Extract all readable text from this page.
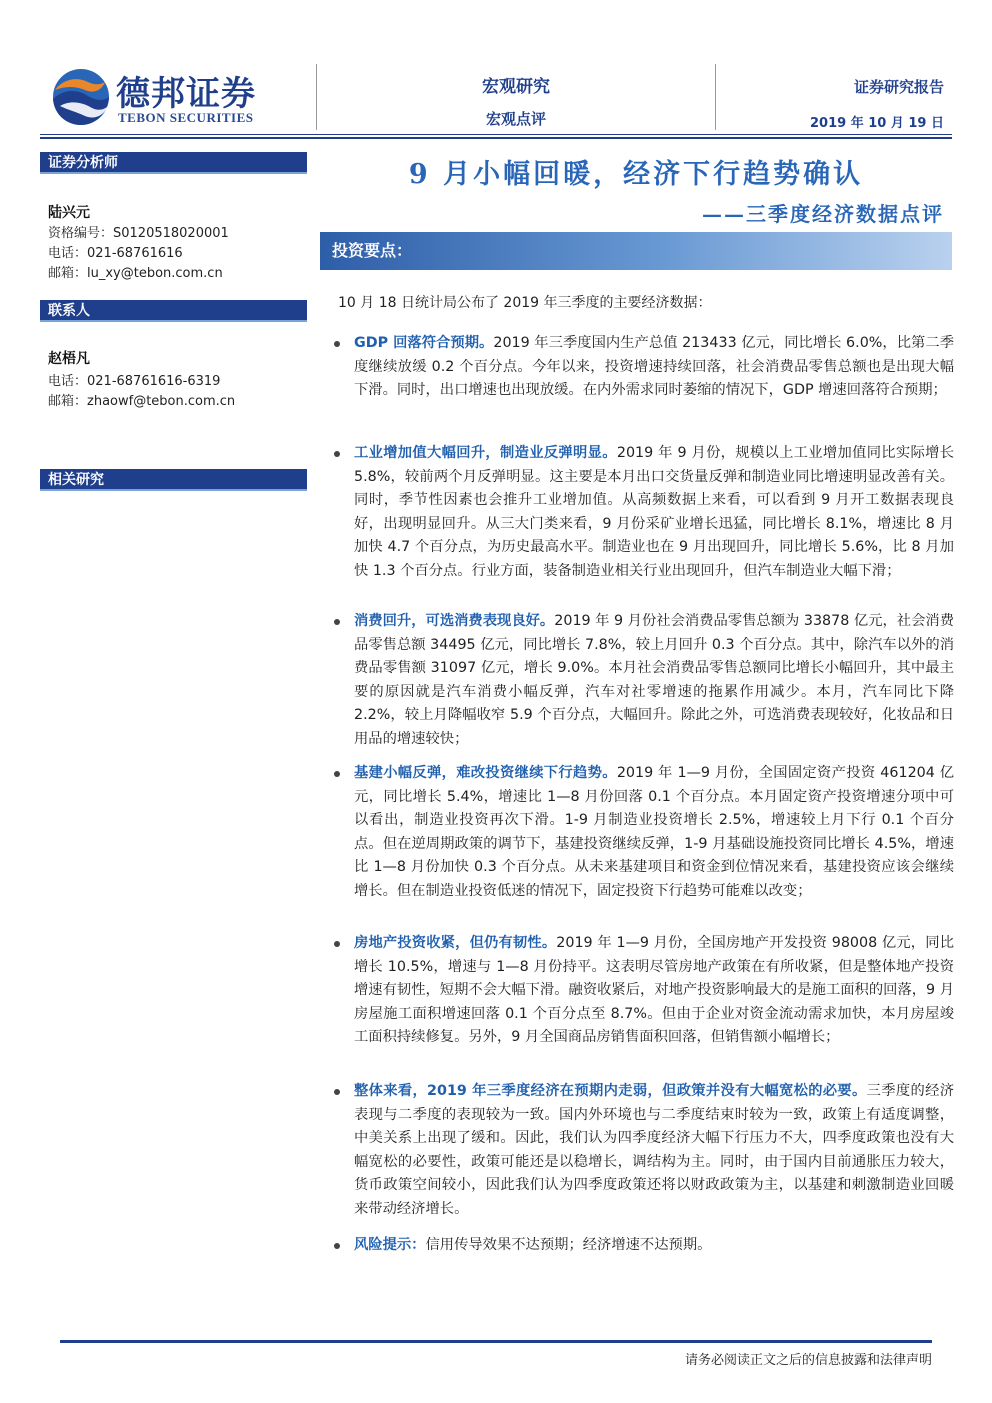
德邦证券
TEBON SECURITIES
宏观研究
宏观点评
证券研究报告
2019 年 10 月 19 日
证券分析师
陆兴元
资格编号：S0120518020001
电话：021-68761616
邮箱：lu_xy@tebon.com.cn
联系人
赵梧凡
电话：021-68761616-6319
邮箱：zhaowf@tebon.com.cn
相关研究
9 月小幅回暖，经济下行趋势确认
——三季度经济数据点评
投资要点：
10 月 18 日统计局公布了 2019 年三季度的主要经济数据：
GDP 回落符合预期。2019 年三季度国内生产总值 213433 亿元，同比增长 6.0%，比第二季度继续放缓 0.2 个百分点。今年以来，投资增速持续回落，社会消费品零售总额也是出现大幅下滑。同时，出口增速也出现放缓。在内外需求同时萎缩的情况下，GDP 增速回落符合预期；
工业增加值大幅回升，制造业反弹明显。2019 年 9 月份，规模以上工业增加值同比实际增长 5.8%，较前两个月反弹明显。这主要是本月出口交货量反弹和制造业同比增速明显改善有关。同时，季节性因素也会推升工业增加值。从高频数据上来看，可以看到 9 月开工数据表现良好，出现明显回升。从三大门类来看，9 月份采矿业增长迅猛，同比增长 8.1%，增速比 8 月加快 4.7 个百分点，为历史最高水平。制造业也在 9 月出现回升，同比增长 5.6%，比 8 月加快 1.3 个百分点。行业方面，装备制造业相关行业出现回升，但汽车制造业大幅下滑；
消费回升，可选消费表现良好。2019 年 9 月份社会消费品零售总额为 33878 亿元，社会消费品零售总额 34495 亿元，同比增长 7.8%，较上月回升 0.3 个百分点。其中，除汽车以外的消费品零售额 31097 亿元，增长 9.0%。本月社会消费品零售总额同比增长小幅回升，其中最主要的原因就是汽车消费小幅反弹，汽车对社零增速的拖累作用减少。本月，汽车同比下降 2.2%，较上月降幅收窄 5.9 个百分点，大幅回升。除此之外，可选消费表现较好，化妆品和日用品的增速较快；
基建小幅反弹，难改投资继续下行趋势。2019 年 1—9 月份，全国固定资产投资 461204 亿元，同比增长 5.4%，增速比 1—8 月份回落 0.1 个百分点。本月固定资产投资增速分项中可以看出，制造业投资再次下滑。1-9 月制造业投资增长 2.5%，增速较上月下行 0.1 个百分点。但在逆周期政策的调节下，基建投资继续反弹，1-9 月基础设施投资同比增长 4.5%，增速比 1—8 月份加快 0.3 个百分点。从未来基建项目和资金到位情况来看，基建投资应该会继续增长。但在制造业投资低迷的情况下，固定投资下行趋势可能难以改变；
房地产投资收紧，但仍有韧性。2019 年 1—9 月份，全国房地产开发投资 98008 亿元，同比增长 10.5%，增速与 1—8 月份持平。这表明尽管房地产政策在有所收紧，但是整体地产投资增速有韧性，短期不会大幅下滑。融资收紧后，对地产投资影响最大的是施工面积的回落，9 月房屋施工面积增速回落 0.1 个百分点至 8.7%。但由于企业对资金流动需求加快，本月房屋竣工面积持续修复。另外，9 月全国商品房销售面积回落，但销售额小幅增长；
整体来看，2019 年三季度经济在预期内走弱，但政策并没有大幅宽松的必要。三季度的经济表现与二季度的表现较为一致。国内外环境也与二季度结束时较为一致，政策上有适度调整，中美关系上出现了缓和。因此，我们认为四季度经济大幅下行压力不大，四季度政策也没有大幅宽松的必要性，政策可能还是以稳增长，调结构为主。同时，由于国内目前通胀压力较大，货币政策空间较小，因此我们认为四季度政策还将以财政政策为主，以基建和刺激制造业回暖来带动经济增长。
风险提示：信用传导效果不达预期；经济增速不达预期。
请务必阅读正文之后的信息披露和法律声明
